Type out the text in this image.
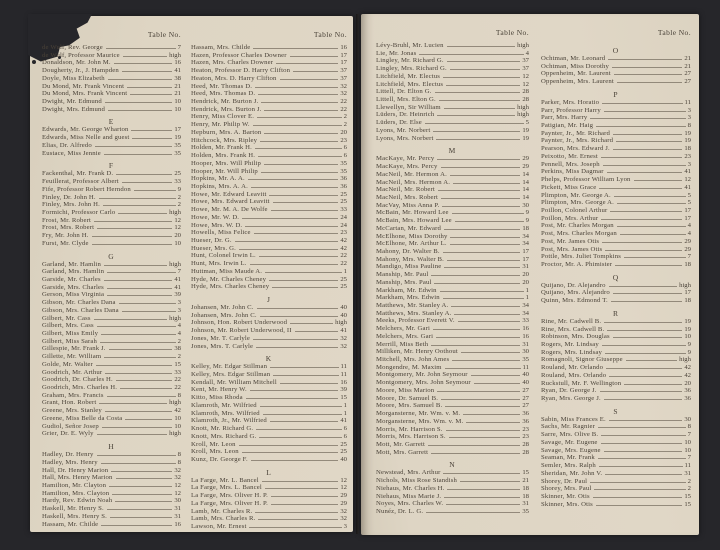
Table No.
de Wulf, Rev. George	7
de Wulf, Professor Maurice	high
Donaldson, Mr. John M.	16
Dougherty, Jr., J. Hampden	41
Doyle, Miss Elizabeth	38
Du Mond, Mr. Frank Vincent	21
Du Mond, Mrs. Frank Vincent	21
Dwight, Mr. Edmund	10
Dwight, Mrs. Edmund	10
E
Edwards, Mr. George Wharton	17
Edwards, Miss Nelle and guest	19
Elias, Dr. Alfredo	35
Eustace, Miss Jennie	35
F
Fackenthal, Mr. Frank D.	25
Feuillerat, Professor Albert	33
Fife, Professor Robert Herndon	9
Finley, Dr. John H.	2
Finley, Mrs. John H.	2
Formichi, Professor Carlo	high
Frost, Mr. Robert	12
Frost, Mrs. Robert	12
Fry, Mr. John H.	20
Furst, Mr. Clyde	10
G
Garland, Mr. Hamlin	high
Garland, Mrs. Hamlin	7
Garside, Mr. Charles	41
Garside, Mrs. Charles	41
Gerson, Miss Virginia	39
Gibson, Mr. Charles Dana	3
Gibson, Mrs. Charles Dana	3
Gilbert, Mr. Cass	high
Gilbert, Mrs. Cass	4
Gilbert, Miss Emily	4
Gilbert, Miss Sarah	2
Gillespie, Mr. Frank J.	38
Gillette, Mr. William	2
Golde, Mr. Walter	15
Goodrich, Mr. Arthur	33
Goodrich, Dr. Charles H.	22
Goodrich, Mrs. Charles H.	22
Graham, Mrs. Francis	8
Grant, Hon. Robert	high
Greene, Mrs. Stanley	42
Greene, Miss Belle da Costa	10
Gudiol, Señor Josep	10
Grier, Dr. E. Wyly	high
H
Hadley, Dr. Henry	8
Hadley, Mrs. Henry	8
Hall, Dr. Henry Marion	32
Hall, Mrs. Henry Marion	32
Hamilton, Mr. Clayton	12
Hamilton, Mrs. Clayton	12
Hardy, Rev. Edwin Noah	30
Haskell, Mr. Henry S.	31
Haskell, Mrs. Henry S.	31
Hassam, Mr. Childe	16
Table No.
Hassam, Mrs. Childe	16
Hazen, Professor Charles Downer	17
Hazen, Mrs. Charles Downer	17
Heaton, Professor D. Harry Clifton	37
Heaton, Mrs. D. Harry Clifton	37
Heed, Mr. Thomas D.	32
Heed, Mrs. Thomas D.	32
Hendrick, Mr. Burton J.	22
Hendrick, Mrs. Burton J.	22
Henry, Miss Clover E.	2
Henry, Mr. Philip W.	2
Hepburn, Mrs. A. Barton	20
Hitchcock, Mrs. Ripley	23
Holden, Mr. Frank H.	6
Holden, Mrs. Frank H.	6
Hooper, Mrs. Will Philip	35
Hooper, Mr. Will Philip	35
Hopkins, Mr. A. A.	36
Hopkins, Mrs. A. A.	36
Howe, Mr. Edward Leavitt	25
Howe, Mrs. Edward Leavitt	25
Howe, Mr. M. A. De Wolfe	33
Howe, Mr. W. D.	24
Howe, Mrs. W. D.	24
Howells, Miss Felice	23
Hueser, Dr. G.	42
Hueser, Mrs. G.	42
Hunt, Colonel Irwin L.	22
Hunt, Mrs. Irwin L.	22
Huttman, Miss Maude A.	1
Hyde, Mr. Charles Cheney	25
Hyde, Mrs. Charles Cheney	25
J
Johansen, Mr. John C.	40
Johansen, Mrs. John C.	40
Johnson, Hon. Robert Underwood	high
Johnson, Mr. Robert Underwood, II	41
Jones, Mr. T. Carlyle	32
Jones, Mrs. T. Carlyle	32
K
Kelley, Mr. Edgar Stillman	11
Kelley, Mrs. Edgar Stillman	11
Kendall, Mr. William Mitchell	16
Kent, Mr. Henry W.	39
Kitto, Miss Rhoda	15
Klamroth, Mr. Wilfried	1
Klamroth, Mrs. Wilfried	1
Klamroth, Jr., Mr. Wilfried	41
Knott, Mr. Richard G.	6
Knott, Mrs. Richard G.	6
Kroll, Mr. Leon	25
Kroll, Mrs. Leon	25
Kunz, Dr. George F.	40
L
La Farge, Mr. L. Bancel	12
La Farge, Mrs. L. Bancel	12
La Farge, Mrs. Oliver H. P.	29
La Farge, Mrs. Oliver H. P.	29
Lamb, Mr. Charles R.	32
Lamb, Mrs. Charles R.	32
Lawson, Mr. Ernest	3
Table No.
Lévy-Bruhl, Mr. Lucien	high
Lie, Mr. Jonas	4
Lingley, Mr. Richard G.	37
Lingley, Mrs. Richard G.	37
Litchfield, Mr. Electus	12
Litchfield, Mrs. Electus	12
Littell, Dr. Elton G.	28
Littell, Mrs. Elton G.	28
Llewellyn, Sir William	high
Lüders, Dr. Heinrich	high
Lüders, Dr. Else	5
Lyons, Mr. Norbert	19
Lyons, Mrs. Norbert	19
M
MacKaye, Mr. Percy	29
MacKaye, Mrs. Percy	29
MacNeil, Mr. Hermon A.	14
MacNeil, Mrs. Hermon A.	14
MacNeil, Mr. Robert	14
MacNeil, Mrs. Robert	14
MacVay, Miss Anna P.	30
McBain, Mr. Howard Lee	9
McBain, Mrs. Howard Lee	9
McCartan, Mr. Edward	18
McElhone, Miss Dorothy	34
McElhone, Mr. Arthur L.	34
Mahony, Dr. Walter B.	17
Mahony, Mrs. Walter B.	17
Mandigo, Miss Pauline	31
Manship, Mr. Paul	20
Manship, Mrs. Paul	20
Markham, Mr. Edwin	1
Markham, Mrs. Edwin	1
Matthews, Mr. Stanley A.	34
Matthews, Mrs. Stanley A.	34
Meeks, Professor Everett V.	33
Melchers, Mr. Gari	16
Melchers, Mrs. Gari	16
Merrill, Miss Beth	31
Milliken, Mr. Henry Oothout	30
Mitchell, Mrs. John Ames	35
Mongendre, M. Maxim	11
Montgomery, Mr. John Seymour	40
Montgomery, Mrs. John Seymour	40
Moore, Miss Marion	27
Moore, Dr. Samuel B.	27
Moore, Mrs. Samuel B.	27
Morgansterne, Mr. Wm. v. M.	36
Morgansterne, Mrs. Wm. v. M.	36
Morris, Mr. Harrison S.	23
Morris, Mrs. Harrison S.	23
Mott, Mr. Garrett	28
Mott, Mrs. Garrett	28
N
Newstead, Mrs. Arthur	15
Nichols, Miss Rose Standish	21
Niehaus, Mr. Charles H.	18
Niehaus, Miss Marie J.	18
Noyes, Mrs. Charles W.	31
Nunéz, Dr. L. G.	35
Table No.
O
Ochtman, Mr. Leonard	21
Ochtman, Miss Dorothy	21
Oppenheim, Mr. Laurent	27
Oppenheim, Mrs. Laurent	27
P
Parker, Mrs. Horatio	11
Parr, Professor Harry	3
Parr, Mrs. Harry	3
Patigian, Mr. Haig	8
Paynter, Jr., Mr. Richard	19
Paynter, Jr., Mrs. Richard	19
Pearson, Mrs. Edward J.	18
Peixotto, Mr. Ernest	23
Pennell, Mrs. Joseph	3
Perkins, Miss Dagmar	41
Phelps, Professor William Lyon	12
Pickett, Miss Grace	41
Plimpton, Mr. George A.	5
Plimpton, Mrs. George A.	5
Poillon, Colonel Arthur	17
Poillon, Mrs. Arthur	17
Post, Mr. Charles Morgan	4
Post, Mrs. Charles Morgan	4
Post, Mr. James Otis	29
Post, Mrs. James Otis	29
Pottle, Mrs. Juliet Tompkins	7
Proctor, Mr. A. Phimister	18
Q
Quijano, Dr. Alejandro	high
Quijano, Mrs. Alejandro	17
Quinn, Mrs. Edmond T.	18
R
Rine, Mr. Cadwell B.	19
Rine, Mrs. Cadwell B.	19
Robinson, Mrs. Douglas	10
Rogers, Mr. Lindsay	9
Rogers, Mrs. Lindsay	9
Romagnoli, Signor Giuseppe	high
Rouland, Mr. Orlando	42
Rouland, Mrs. Orlando	42
Ruckstull, Mr. F. Wellington	20
Ryan, Dr. George J.	36
Ryan, Mrs. George J.	36
S
Sabin, Miss Frances E.	30
Sachs, Mr. Ragnier	8
Sarre, Mrs. Olive B.	7
Savage, Mr. Eugene	10
Savage, Mrs. Eugene	10
Seaman, Mr. Frank	7
Semler, Mrs. Ralph	11
Sheridan, Mr. John V.	31
Shorey, Dr. Paul	2
Shorey, Mrs. Paul	2
Skinner, Mr. Otis	15
Skinner, Mrs. Otis	15
